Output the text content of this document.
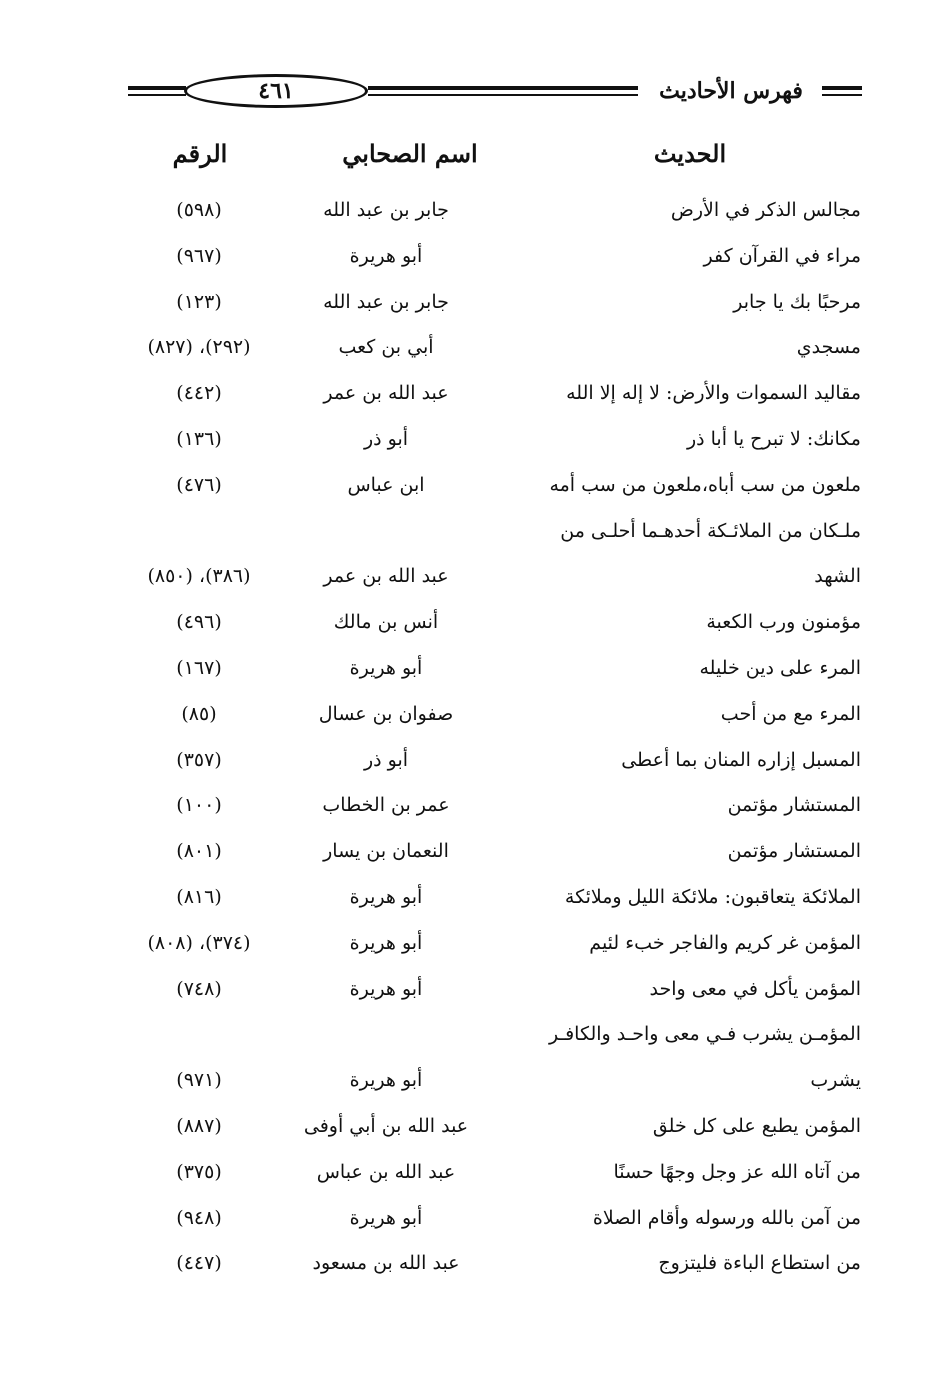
٤٦١	فهرس الأحاديث
الحديث
اسم الصحابي
الرقم
مجالس الذكر في الأرض
جابر بن عبد الله
(٥٩٨)
مراء في القرآن كفر
أبو هريرة
(٩٦٧)
مرحبًا بك يا جابر
جابر بن عبد الله
(١٢٣)
مسجدي
أبي بن كعب
(٢٩٢)، (٨٢٧)
مقاليد السموات والأرض: لا إله إلا الله
عبد الله بن عمر
(٤٤٢)
مكانك: لا تبرح يا أبا ذر
أبو ذر
(١٣٦)
ملعون من سب أباه،ملعون من سب أمه
ابن عباس
(٤٧٦)
ملـكان من الملائـكة أحدهـما أحلـى من
الشهد
عبد الله بن عمر
(٣٨٦)، (٨٥٠)
مؤمنون ورب الكعبة
أنس بن مالك
(٤٩٦)
المرء على دين خليله
أبو هريرة
(١٦٧)
المرء مع من أحب
صفوان بن عسال
(٨٥)
المسبل إزاره المنان بما أعطى
أبو ذر
(٣٥٧)
المستشار مؤتمن
عمر بن الخطاب
(١٠٠)
المستشار مؤتمن
النعمان بن يسار
(٨٠١)
الملائكة يتعاقبون: ملائكة الليل وملائكة
أبو هريرة
(٨١٦)
المؤمن غر كريم والفاجر خبء لئيم
أبو هريرة
(٣٧٤)، (٨٠٨)
المؤمن يأكل في معى واحد
أبو هريرة
(٧٤٨)
المؤمـن يشرب فـي معى واحـد والكافـر
يشرب
أبو هريرة
(٩٧١)
المؤمن يطبع على كل خلق
عبد الله بن أبي أوفى
(٨٨٧)
من آتاه الله عز وجل وجهًا حسنًا
عبد الله بن عباس
(٣٧٥)
من آمن بالله ورسوله وأقام الصلاة
أبو هريرة
(٩٤٨)
من استطاع الباءة فليتزوج
عبد الله بن مسعود
(٤٤٧)
